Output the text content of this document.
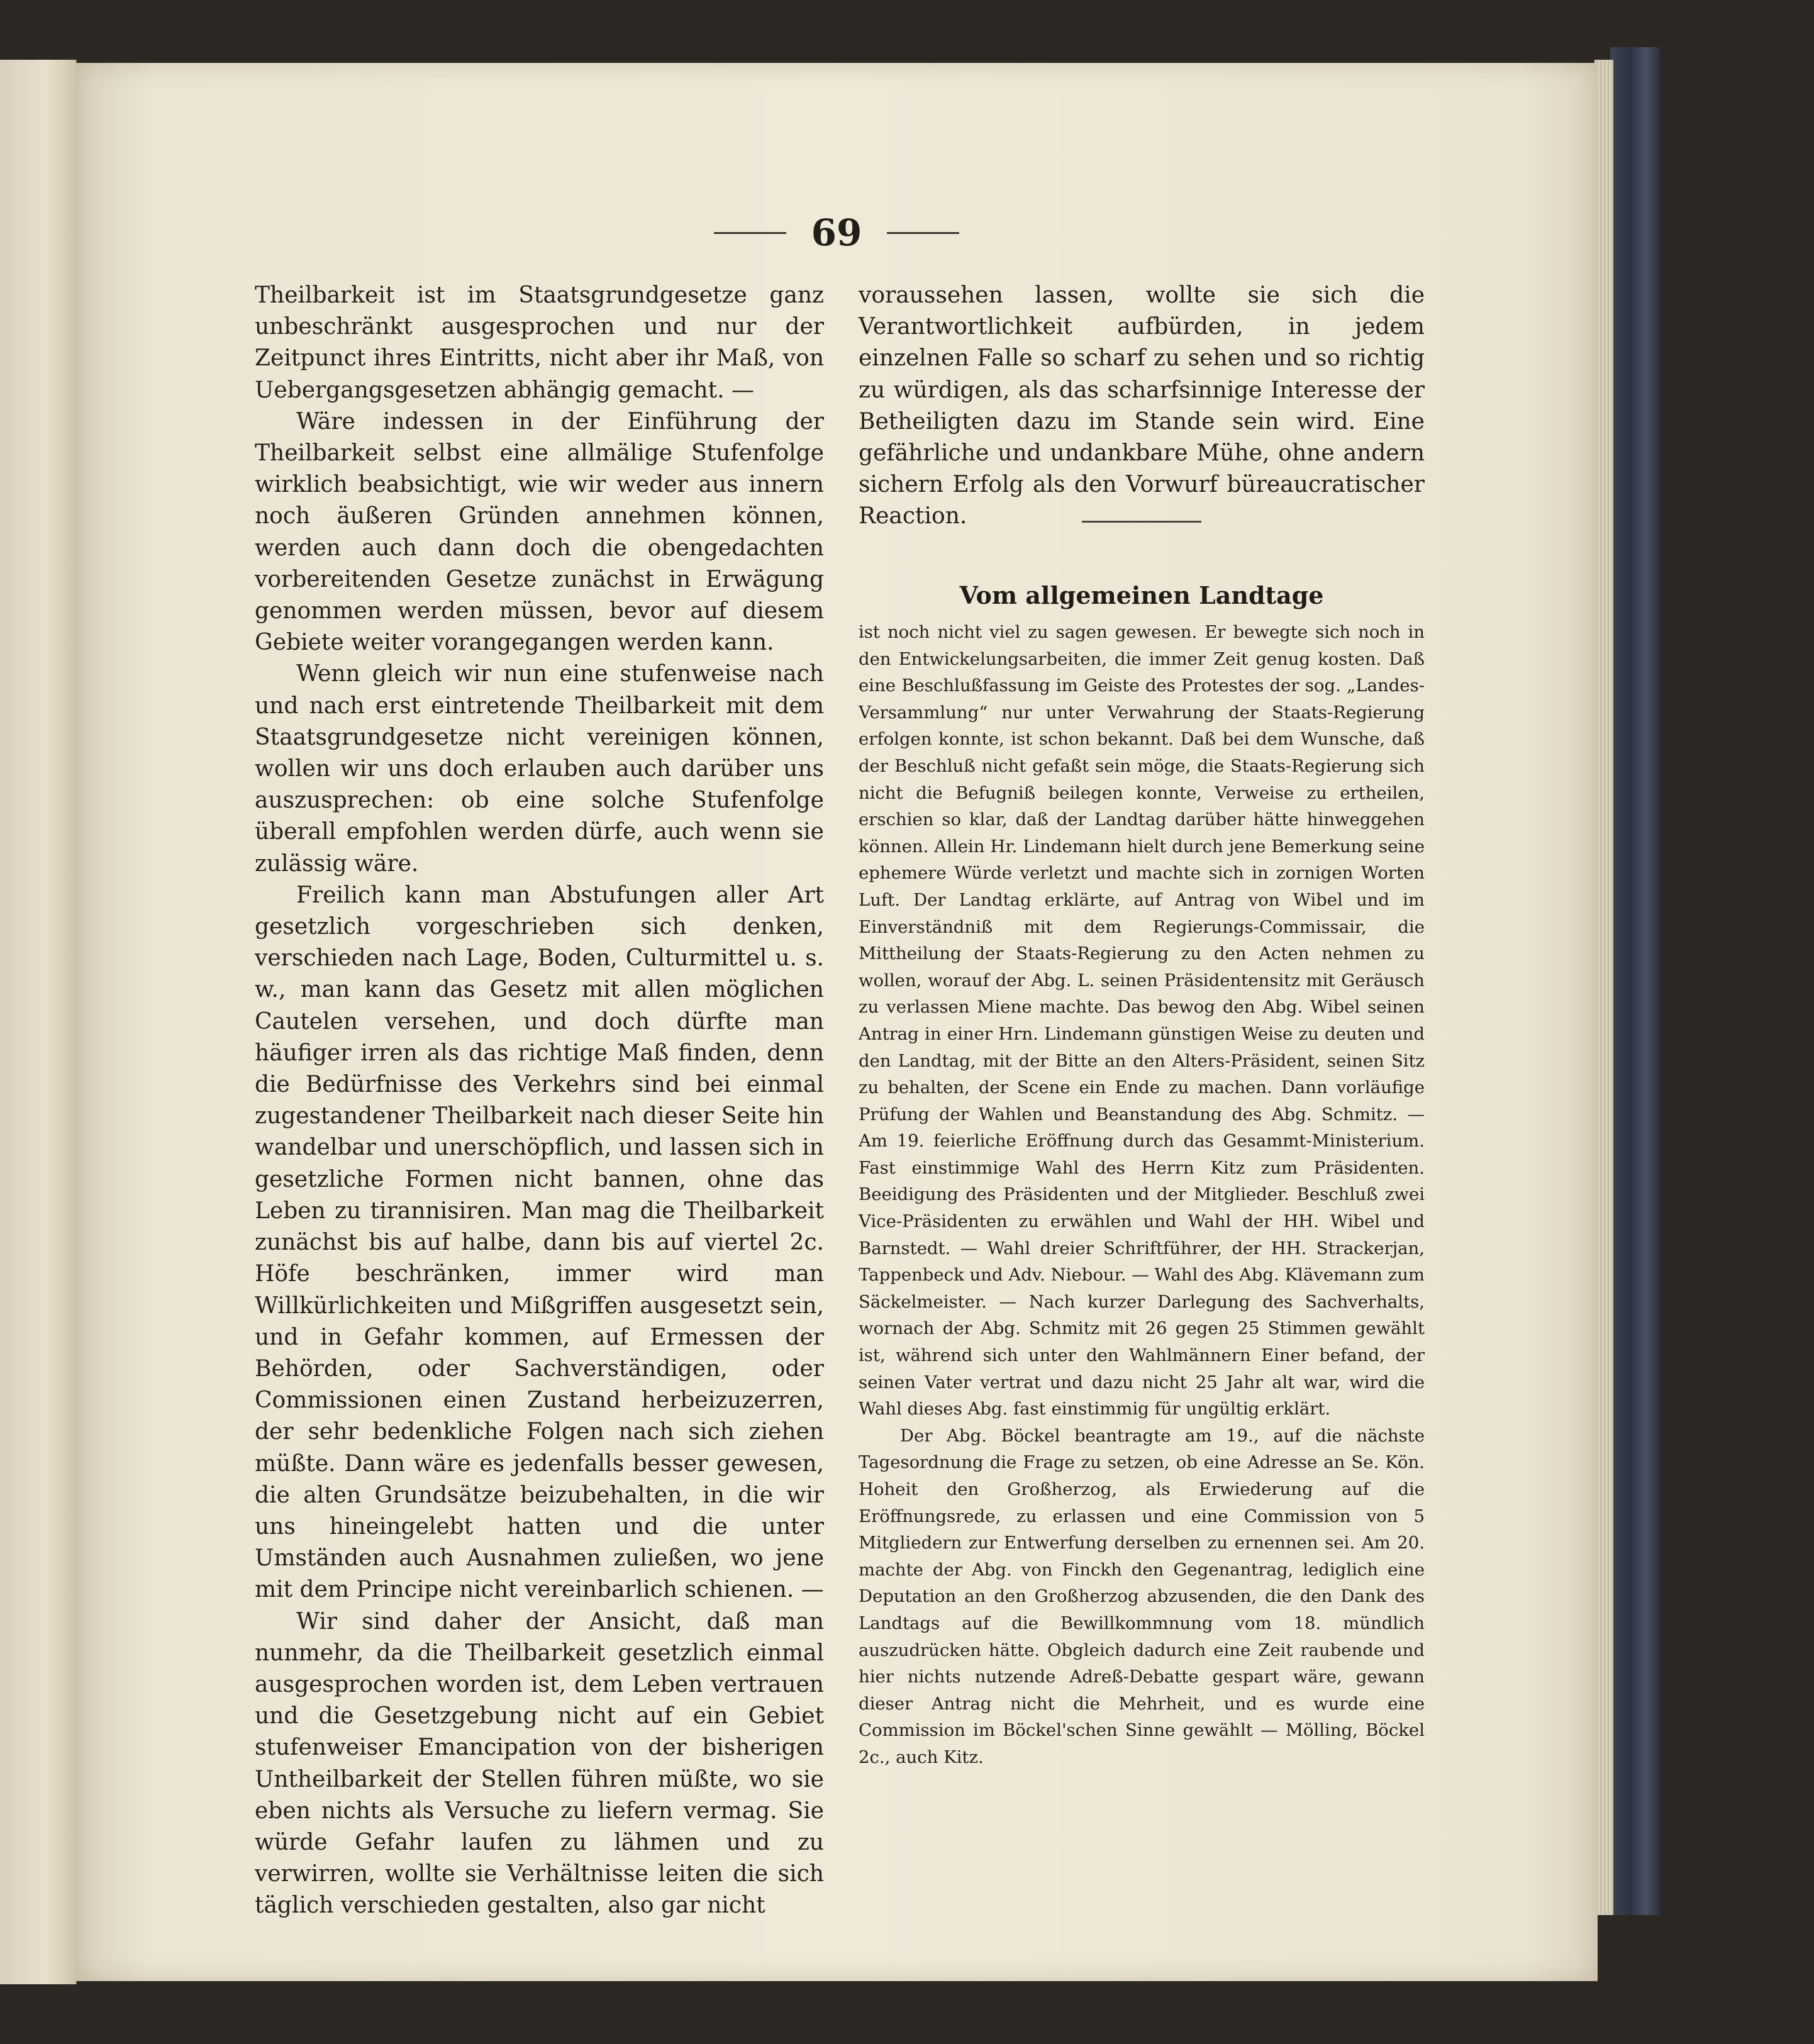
69

Theilbarkeit ist im Staatsgrundgesetze ganz unbeschränkt ausgesprochen und nur der Zeitpunct ihres Eintritts, nicht aber ihr Maß, von Uebergangsgesetzen abhängig gemacht. —

Wäre indessen in der Einführung der Theilbarkeit selbst eine allmälige Stufenfolge wirklich beabsichtigt, wie wir weder aus innern noch äußeren Gründen annehmen können, werden auch dann doch die obengedachten vorbereitenden Gesetze zunächst in Erwägung genommen werden müssen, bevor auf diesem Gebiete weiter vorangegangen werden kann.

Wenn gleich wir nun eine stufenweise nach und nach erst eintretende Theilbarkeit mit dem Staatsgrundgesetze nicht vereinigen können, wollen wir uns doch erlauben auch darüber uns auszusprechen: ob eine solche Stufenfolge überall empfohlen werden dürfe, auch wenn sie zulässig wäre.

Freilich kann man Abstufungen aller Art gesetzlich vorgeschrieben sich denken, verschieden nach Lage, Boden, Culturmittel u. s. w., man kann das Gesetz mit allen möglichen Cautelen versehen, und doch dürfte man häufiger irren als das richtige Maß finden, denn die Bedürfnisse des Verkehrs sind bei einmal zugestandener Theilbarkeit nach dieser Seite hin wandelbar und unerschöpflich, und lassen sich in gesetzliche Formen nicht bannen, ohne das Leben zu tirannisiren. Man mag die Theilbarkeit zunächst bis auf halbe, dann bis auf viertel 2c. Höfe beschränken, immer wird man Willkürlichkeiten und Mißgriffen ausgesetzt sein, und in Gefahr kommen, auf Ermessen der Behörden, oder Sachverständigen, oder Commissionen einen Zustand herbeizuzerren, der sehr bedenkliche Folgen nach sich ziehen müßte. Dann wäre es jedenfalls besser gewesen, die alten Grundsätze beizubehalten, in die wir uns hineingelebt hatten und die unter Umständen auch Ausnahmen zuließen, wo jene mit dem Principe nicht vereinbarlich schienen. —

Wir sind daher der Ansicht, daß man nunmehr, da die Theilbarkeit gesetzlich einmal ausgesprochen worden ist, dem Leben vertrauen und die Gesetzgebung nicht auf ein Gebiet stufenweiser Emancipation von der bisherigen Untheilbarkeit der Stellen führen müßte, wo sie eben nichts als Versuche zu liefern vermag. Sie würde Gefahr laufen zu lähmen und zu verwirren, wollte sie Verhältnisse leiten die sich täglich verschieden gestalten, also gar nicht

voraussehen lassen, wollte sie sich die Verantwortlichkeit aufbürden, in jedem einzelnen Falle so scharf zu sehen und so richtig zu würdigen, als das scharfsinnige Interesse der Betheiligten dazu im Stande sein wird. Eine gefährliche und undankbare Mühe, ohne andern sichern Erfolg als den Vorwurf büreaucratischer Reaction.

Vom allgemeinen Landtage

ist noch nicht viel zu sagen gewesen. Er bewegte sich noch in den Entwickelungsarbeiten, die immer Zeit genug kosten. Daß eine Beschlußfassung im Geiste des Protestes der sog. „Landes-Versammlung“ nur unter Verwahrung der Staats-Regierung erfolgen konnte, ist schon bekannt. Daß bei dem Wunsche, daß der Beschluß nicht gefaßt sein möge, die Staats-Regierung sich nicht die Befugniß beilegen konnte, Verweise zu ertheilen, erschien so klar, daß der Landtag darüber hätte hinweggehen können. Allein Hr. Lindemann hielt durch jene Bemerkung seine ephemere Würde verletzt und machte sich in zornigen Worten Luft. Der Landtag erklärte, auf Antrag von Wibel und im Einverständniß mit dem Regierungs-Commissair, die Mittheilung der Staats-Regierung zu den Acten nehmen zu wollen, worauf der Abg. L. seinen Präsidentensitz mit Geräusch zu verlassen Miene machte. Das bewog den Abg. Wibel seinen Antrag in einer Hrn. Lindemann günstigen Weise zu deuten und den Landtag, mit der Bitte an den Alters-Präsident, seinen Sitz zu behalten, der Scene ein Ende zu machen. Dann vorläufige Prüfung der Wahlen und Beanstandung des Abg. Schmitz. — Am 19. feierliche Eröffnung durch das Gesammt-Ministerium. Fast einstimmige Wahl des Herrn Kitz zum Präsidenten. Beeidigung des Präsidenten und der Mitglieder. Beschluß zwei Vice-Präsidenten zu erwählen und Wahl der HH. Wibel und Barnstedt. — Wahl dreier Schriftführer, der HH. Strackerjan, Tappenbeck und Adv. Niebour. — Wahl des Abg. Klävemann zum Säckelmeister. — Nach kurzer Darlegung des Sachverhalts, wornach der Abg. Schmitz mit 26 gegen 25 Stimmen gewählt ist, während sich unter den Wahlmännern Einer befand, der seinen Vater vertrat und dazu nicht 25 Jahr alt war, wird die Wahl dieses Abg. fast einstimmig für ungültig erklärt.

Der Abg. Böckel beantragte am 19., auf die nächste Tagesordnung die Frage zu setzen, ob eine Adresse an Se. Kön. Hoheit den Großherzog, als Erwiederung auf die Eröffnungsrede, zu erlassen und eine Commission von 5 Mitgliedern zur Entwerfung derselben zu ernennen sei. Am 20. machte der Abg. von Finckh den Gegenantrag, lediglich eine Deputation an den Großherzog abzusenden, die den Dank des Landtags auf die Bewillkommnung vom 18. mündlich auszudrücken hätte. Obgleich dadurch eine Zeit raubende und hier nichts nutzende Adreß-Debatte gespart wäre, gewann dieser Antrag nicht die Mehrheit, und es wurde eine Commission im Böckel'schen Sinne gewählt — Mölling, Böckel 2c., auch Kitz.
